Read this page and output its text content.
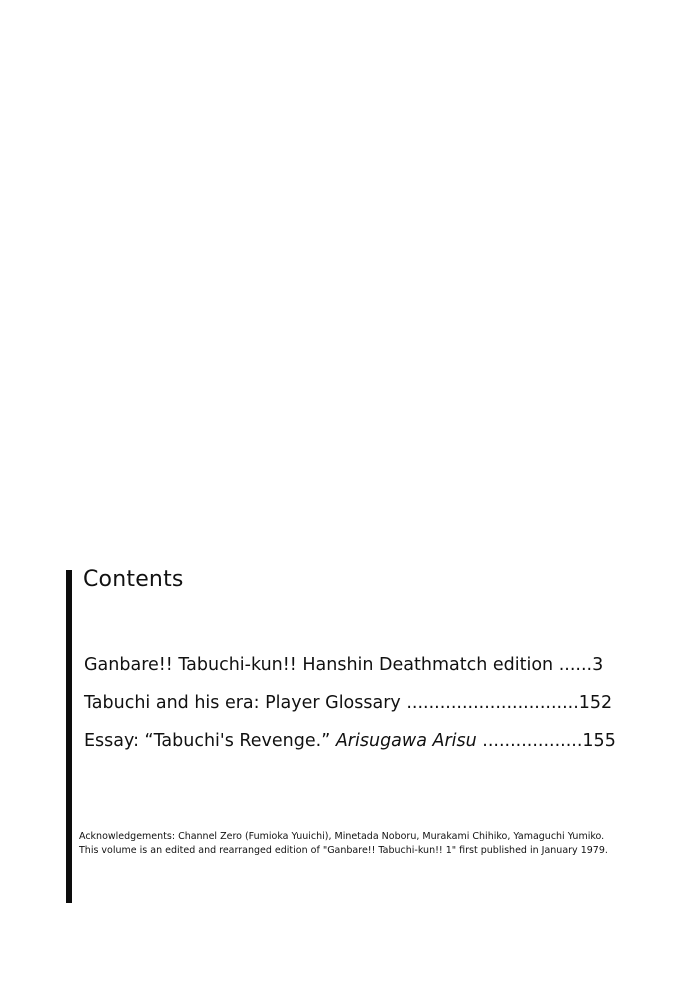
Contents
Ganbare!! Tabuchi-kun!! Hanshin Deathmatch edition ......3
Tabuchi and his era: Player Glossary ...............................152
Essay: “Tabuchi's Revenge.” Arisugawa Arisu ..................155

Acknowledgements: Channel Zero (Fumioka Yuuichi), Minetada Noboru, Murakami Chihiko, Yamaguchi Yumiko.

This volume is an edited and rearranged edition of "Ganbare!! Tabuchi-kun!! 1" first published in January 1979.
